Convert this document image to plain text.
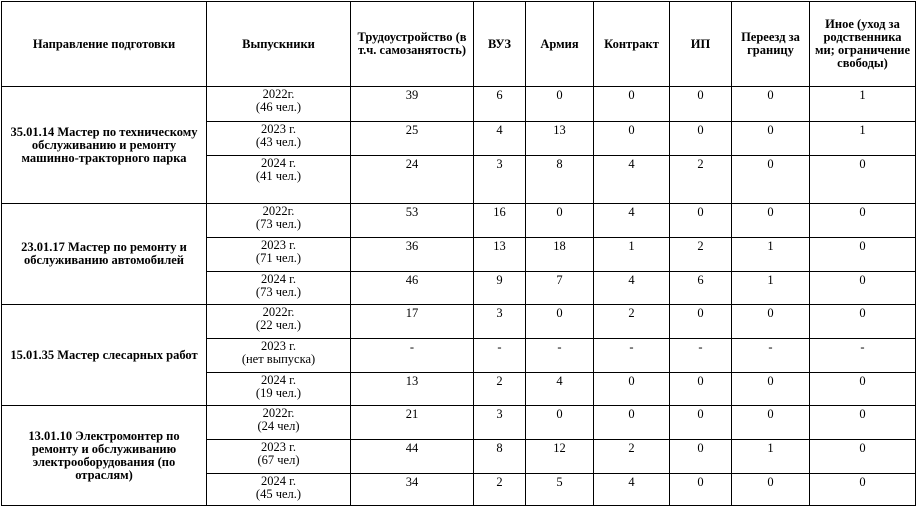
Направление подготовки	Выпускники	Трудоустройство (в т.ч. самозанятость)	ВУЗ	Армия	Контракт	ИП	Переезд за границу	Иное (уход за родственника ми; ограничение свободы)
35.01.14 Мастер по техническому обслуживанию и ремонту машинно-тракторного парка	2022г.
(46 чел.)	39	6	0	0	0	0	1

	2023 г.
(43 чел.)	25	4	13	0	0	0	1

	2024 г.
(41 чел.)	24	3	8	4	2	0	0
23.01.17 Мастер по ремонту и обслуживанию автомобилей	2022г.
(73 чел.)	53	16	0	4	0	0	0

	2023 г.
(71 чел.)	36	13	18	1	2	1	0

	2024 г.
(73 чел.)	46	9	7	4	6	1	0
15.01.35 Мастер слесарных работ	2022г.
(22 чел.)	17	3	0	2	0	0	0

	2023 г.
(нет выпуска)	-	-	-	-	-	-	-

	2024 г.
(19 чел.)	13	2	4	0	0	0	0
13.01.10 Электромонтер по ремонту и обслуживанию электрооборудования (по отраслям)	2022г.
(24 чел)	21	3	0	0	0	0	0

	2023 г.
(67 чел)	44	8	12	2	0	1	0

	2024 г.
(45 чел.)	34	2	5	4	0	0	0
